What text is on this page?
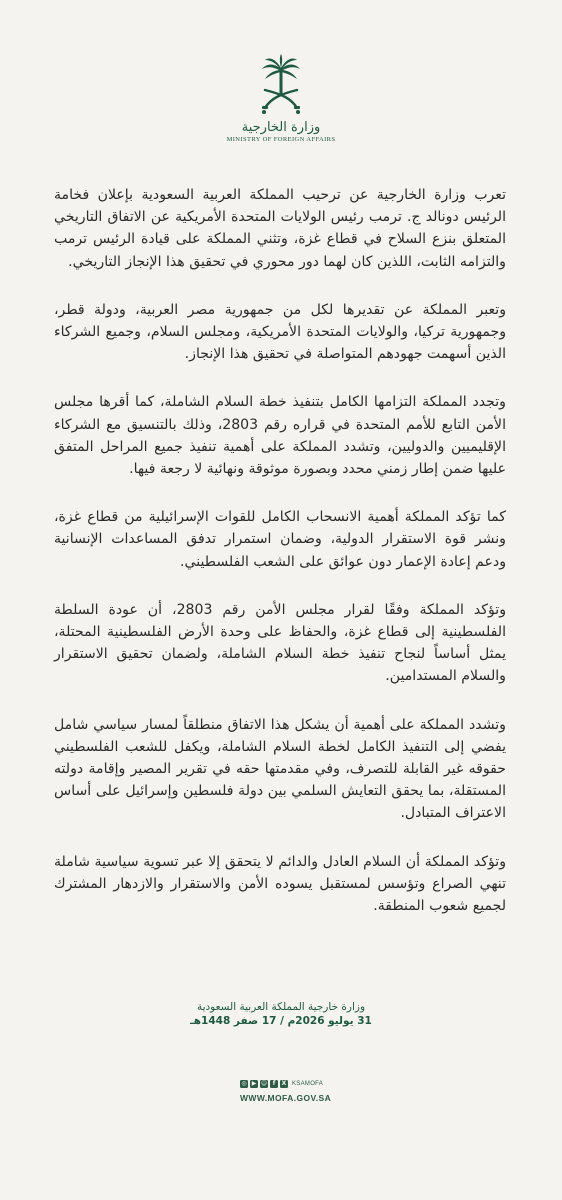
وزارة الخارجية
MINISTRY OF FOREIGN AFFAIRS

تعرب وزارة الخارجية عن ترحيب المملكة العربية السعودية بإعلان فخامة الرئيس دونالد ج. ترمب رئيس الولايات المتحدة الأمريكية عن الاتفاق التاريخي المتعلق بنزع السلاح في قطاع غزة، وتثني المملكة على قيادة الرئيس ترمب والتزامه الثابت، اللذين كان لهما دور محوري في تحقيق هذا الإنجاز التاريخي.

وتعبر المملكة عن تقديرها لكل من جمهورية مصر العربية، ودولة قطر، وجمهورية تركيا، والولايات المتحدة الأمريكية، ومجلس السلام، وجميع الشركاء الذين أسهمت جهودهم المتواصلة في تحقيق هذا الإنجاز.

وتجدد المملكة التزامها الكامل بتنفيذ خطة السلام الشاملة، كما أقرها مجلس الأمن التابع للأمم المتحدة في قراره رقم 2803، وذلك بالتنسيق مع الشركاء الإقليميين والدوليين، وتشدد المملكة على أهمية تنفيذ جميع المراحل المتفق عليها ضمن إطار زمني محدد وبصورة موثوقة ونهائية لا رجعة فيها.

كما تؤكد المملكة أهمية الانسحاب الكامل للقوات الإسرائيلية من قطاع غزة، ونشر قوة الاستقرار الدولية، وضمان استمرار تدفق المساعدات الإنسانية ودعم إعادة الإعمار دون عوائق على الشعب الفلسطيني.

وتؤكد المملكة وفقًا لقرار مجلس الأمن رقم 2803، أن عودة السلطة الفلسطينية إلى قطاع غزة، والحفاظ على وحدة الأرض الفلسطينية المحتلة، يمثل أساساً لنجاح تنفيذ خطة السلام الشاملة، ولضمان تحقيق الاستقرار والسلام المستدامين.

وتشدد المملكة على أهمية أن يشكل هذا الاتفاق منطلقاً لمسار سياسي شامل يفضي إلى التنفيذ الكامل لخطة السلام الشاملة، ويكفل للشعب الفلسطيني حقوقه غير القابلة للتصرف، وفي مقدمتها حقه في تقرير المصير وإقامة دولته المستقلة، بما يحقق التعايش السلمي بين دولة فلسطين وإسرائيل على أساس الاعتراف المتبادل.

وتؤكد المملكة أن السلام العادل والدائم لا يتحقق إلا عبر تسوية سياسية شاملة تنهي الصراع وتؤسس لمستقبل يسوده الأمن والاستقرار والازدهار المشترك لجميع شعوب المنطقة.

وزارة خارجية المملكة العربية السعودية
31 يوليو 2026م / 17 صفر 1448هـ
◎ ▶ ☺ f	X KSAMOFA
WWW.MOFA.GOV.SA
